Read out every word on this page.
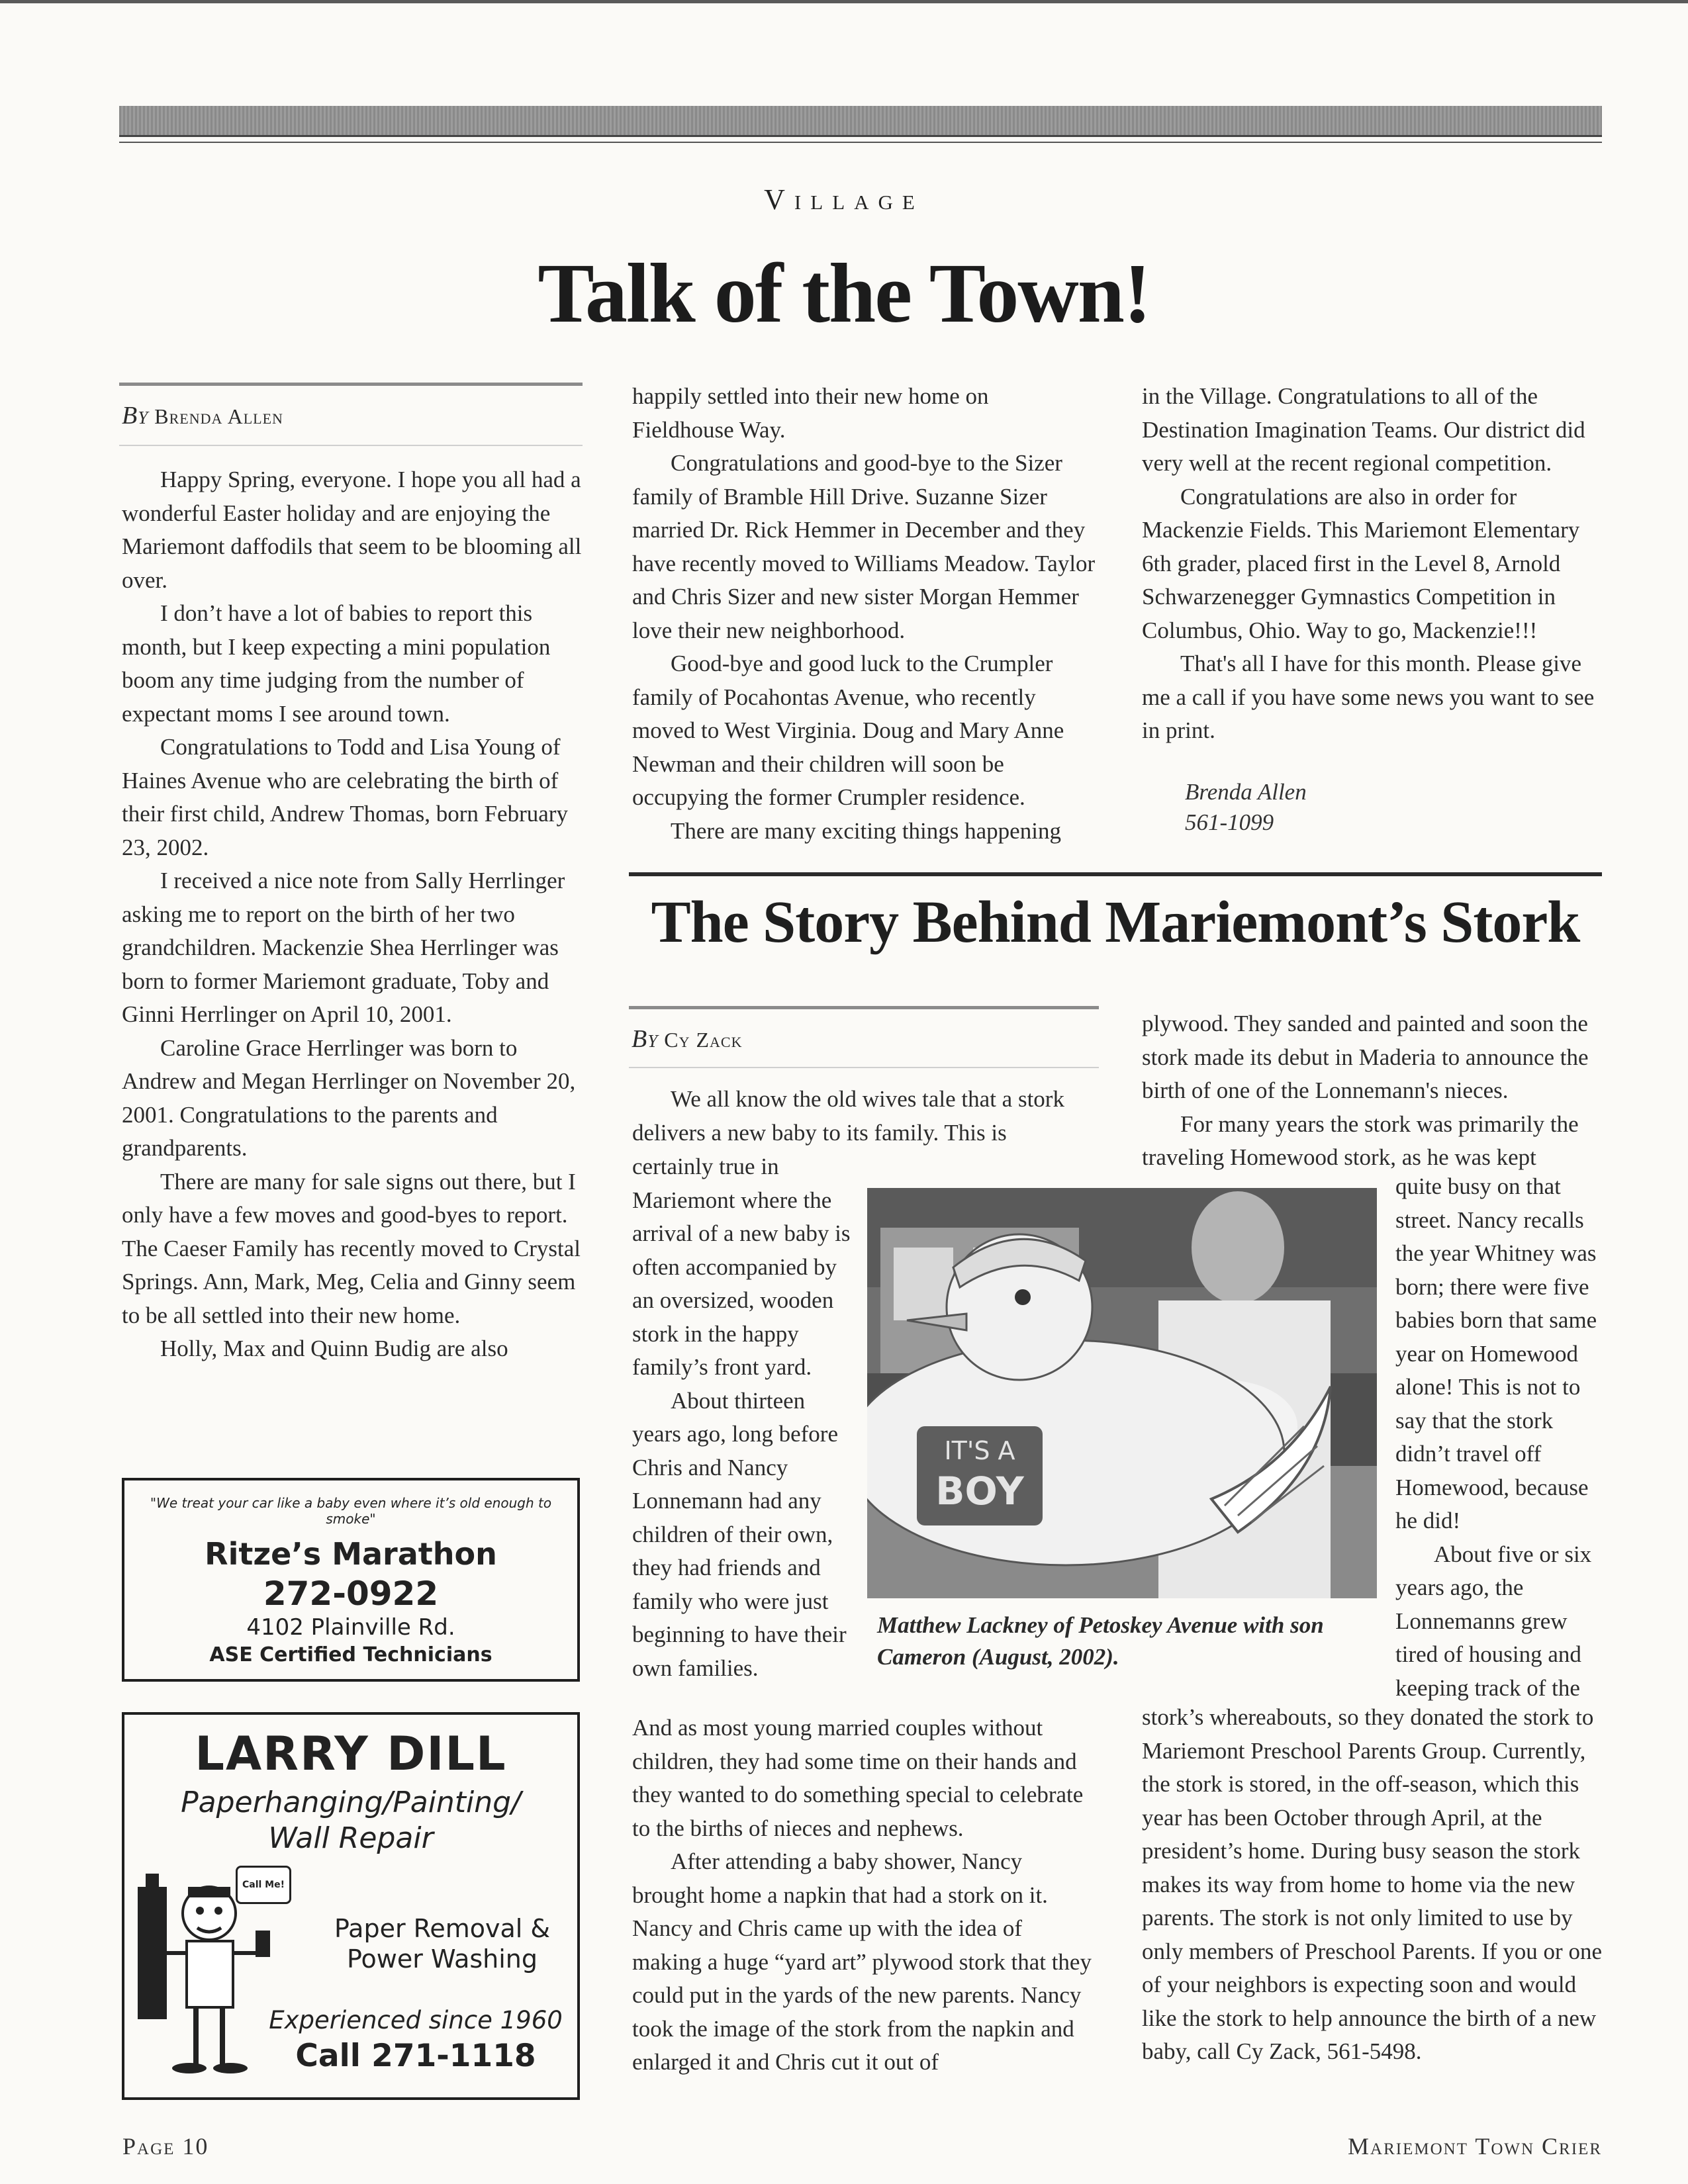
Village
Talk of the Town!
By Brenda Allen

Happy Spring, everyone. I hope you all had a wonderful Easter holiday and are enjoying the Mariemont daffodils that seem to be blooming all over.

I don’t have a lot of babies to report this month, but I keep expecting a mini population boom any time judging from the number of expectant moms I see around town.

Congratulations to Todd and Lisa Young of Haines Avenue who are celebrating the birth of their first child, Andrew Thomas, born February 23, 2002.

I received a nice note from Sally Herrlinger asking me to report on the birth of her two grandchildren. Mackenzie Shea Herrlinger was born to former Mariemont graduate, Toby and Ginni Herrlinger on April 10, 2001.

Caroline Grace Herrlinger was born to Andrew and Megan Herrlinger on November 20, 2001. Congratulations to the parents and grandparents.

There are many for sale signs out there, but I only have a few moves and good-byes to report. The Caeser Family has recently moved to Crystal Springs. Ann, Mark, Meg, Celia and Ginny seem to be all settled into their new home.

Holly, Max and Quinn Budig are also

happily settled into their new home on Fieldhouse Way.

Congratulations and good-bye to the Sizer family of Bramble Hill Drive. Suzanne Sizer married Dr. Rick Hemmer in December and they have recently moved to Williams Meadow. Taylor and Chris Sizer and new sister Morgan Hemmer love their new neighborhood.

Good-bye and good luck to the Crumpler family of Pocahontas Avenue, who recently moved to West Virginia. Doug and Mary Anne Newman and their children will soon be occupying the former Crumpler residence.

There are many exciting things happening

in the Village. Congratulations to all of the Destination Imagination Teams. Our district did very well at the recent regional competition.

Congratulations are also in order for Mackenzie Fields. This Mariemont Elementary 6th grader, placed first in the Level 8, Arnold Schwarzenegger Gymnastics Competition in Columbus, Ohio. Way to go, Mackenzie!!!

That's all I have for this month. Please give me a call if you have some news you want to see in print.

Brenda Allen
561-1099
The Story Behind Mariemont’s Stork
By Cy Zack

We all know the old wives tale that a stork delivers a new baby to its family. This is

certainly true in Mariemont where the arrival of a new baby is often accompanied by an oversized, wooden stork in the happy family’s front yard.

About thirteen years ago, long before Chris and Nancy Lonnemann had any children of their own, they had friends and family who were just beginning to have their own families.

And as most young married couples without children, they had some time on their hands and they wanted to do something special to celebrate to the births of nieces and nephews.

After attending a baby shower, Nancy brought home a napkin that had a stork on it. Nancy and Chris came up with the idea of making a huge “yard art” plywood stork that they could put in the yards of the new parents. Nancy took the image of the stork from the napkin and enlarged it and Chris cut it out of

plywood. They sanded and painted and soon the stork made its debut in Maderia to announce the birth of one of the Lonnemann's nieces.

For many years the stork was primarily the traveling Homewood stork, as he was kept

quite busy on that street. Nancy recalls the year Whitney was born; there were five babies born that same year on Homewood alone! This is not to say that the stork didn’t travel off Homewood, because he did!

About five or six years ago, the Lonnemanns grew tired of housing and keeping track of the

stork’s whereabouts, so they donated the stork to Mariemont Preschool Parents Group. Currently, the stork is stored, in the off-season, which this year has been October through April, at the president’s home. During busy season the stork makes its way from home to home via the new parents. The stork is not only limited to use by only members of Preschool Parents. If you or one of your neighbors is expecting soon and would like the stork to help announce the birth of a new baby, call Cy Zack, 561-5498.

IT'S A
BOY
Matthew Lackney of Petoskey Avenue with son Cameron (August, 2002).
"We treat your car like a baby even where it’s old enough to smoke"
Ritze’s Marathon
272-0922
4102 Plainville Rd.
ASE Certified Technicians
LARRY DILL
Paperhanging/Painting/
Wall Repair
Call Me!
Paper Removal &
Power Washing
Experienced since 1960
Call 271-1118
Page 10	Mariemont Town Crier
